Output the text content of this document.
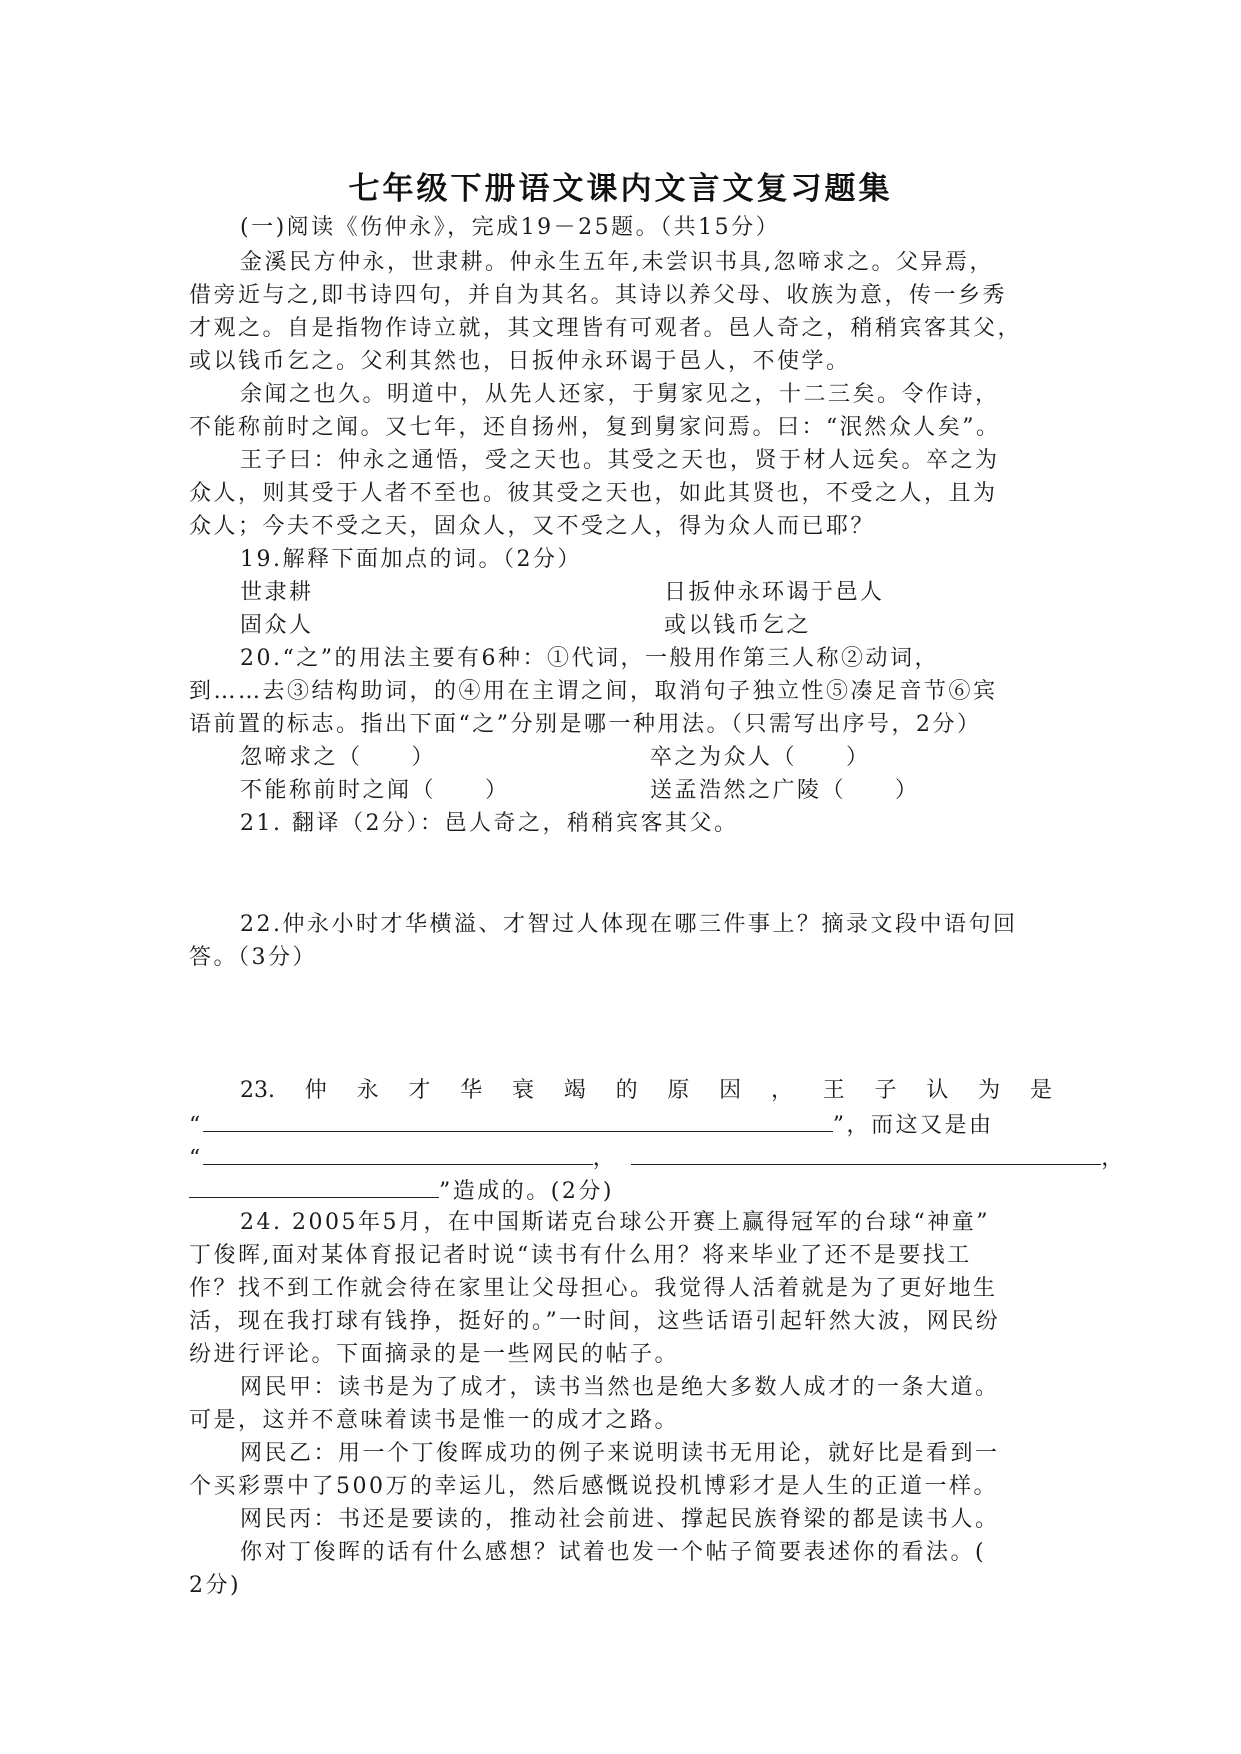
七年级下册语文课内文言文复习题集
(一)阅读《伤仲永》，完成19－25题。（共15分）
金溪民方仲永，世隶耕。仲永生五年,未尝识书具,忽啼求之。父异焉，
借旁近与之,即书诗四句，并自为其名。其诗以养父母、收族为意，传一乡秀
才观之。自是指物作诗立就，其文理皆有可观者。邑人奇之，稍稍宾客其父，
或以钱币乞之。父利其然也，日扳仲永环谒于邑人，不使学。
余闻之也久。明道中，从先人还家，于舅家见之，十二三矣。令作诗，
不能称前时之闻。又七年，还自扬州，复到舅家问焉。曰：“泯然众人矣”。
王子曰：仲永之通悟，受之天也。其受之天也，贤于材人远矣。卒之为
众人，则其受于人者不至也。彼其受之天也，如此其贤也，不受之人，且为
众人；今夫不受之天，固众人，又不受之人，得为众人而已耶？
19.解释下面加点的词。（2分）
世隶耕	日扳仲永环谒于邑人
固众人	或以钱币乞之
20.“之”的用法主要有6种：①代词，一般用作第三人称②动词，
到……去③结构助词，的④用在主谓之间，取消句子独立性⑤凑足音节⑥宾
语前置的标志。指出下面“之”分别是哪一种用法。（只需写出序号，2分）
忽啼求之（　　）	卒之为众人（　　）
不能称前时之闻（　　）	送孟浩然之广陵（　　）
21. 翻译（2分）：邑人奇之，稍稍宾客其父。
22.仲永小时才华横溢、才智过人体现在哪三件事上？摘录文段中语句回
答。（3分）
23. 仲 永 才 华 衰 竭 的 原 因 ， 王 子 认 为 是
“	”，而这又是由
“	，	，
”造成的。(2分)
24. 2005年5月，在中国斯诺克台球公开赛上赢得冠军的台球“神童”
丁俊晖,面对某体育报记者时说“读书有什么用？将来毕业了还不是要找工
作？找不到工作就会待在家里让父母担心。我觉得人活着就是为了更好地生
活，现在我打球有钱挣，挺好的。”一时间，这些话语引起轩然大波，网民纷
纷进行评论。下面摘录的是一些网民的帖子。
网民甲：读书是为了成才，读书当然也是绝大多数人成才的一条大道。
可是，这并不意味着读书是惟一的成才之路。
网民乙：用一个丁俊晖成功的例子来说明读书无用论，就好比是看到一
个买彩票中了500万的幸运儿，然后感慨说投机博彩才是人生的正道一样。
网民丙：书还是要读的，推动社会前进、撑起民族脊梁的都是读书人。
你对丁俊晖的话有什么感想？试着也发一个帖子简要表述你的看法。(
2分)
